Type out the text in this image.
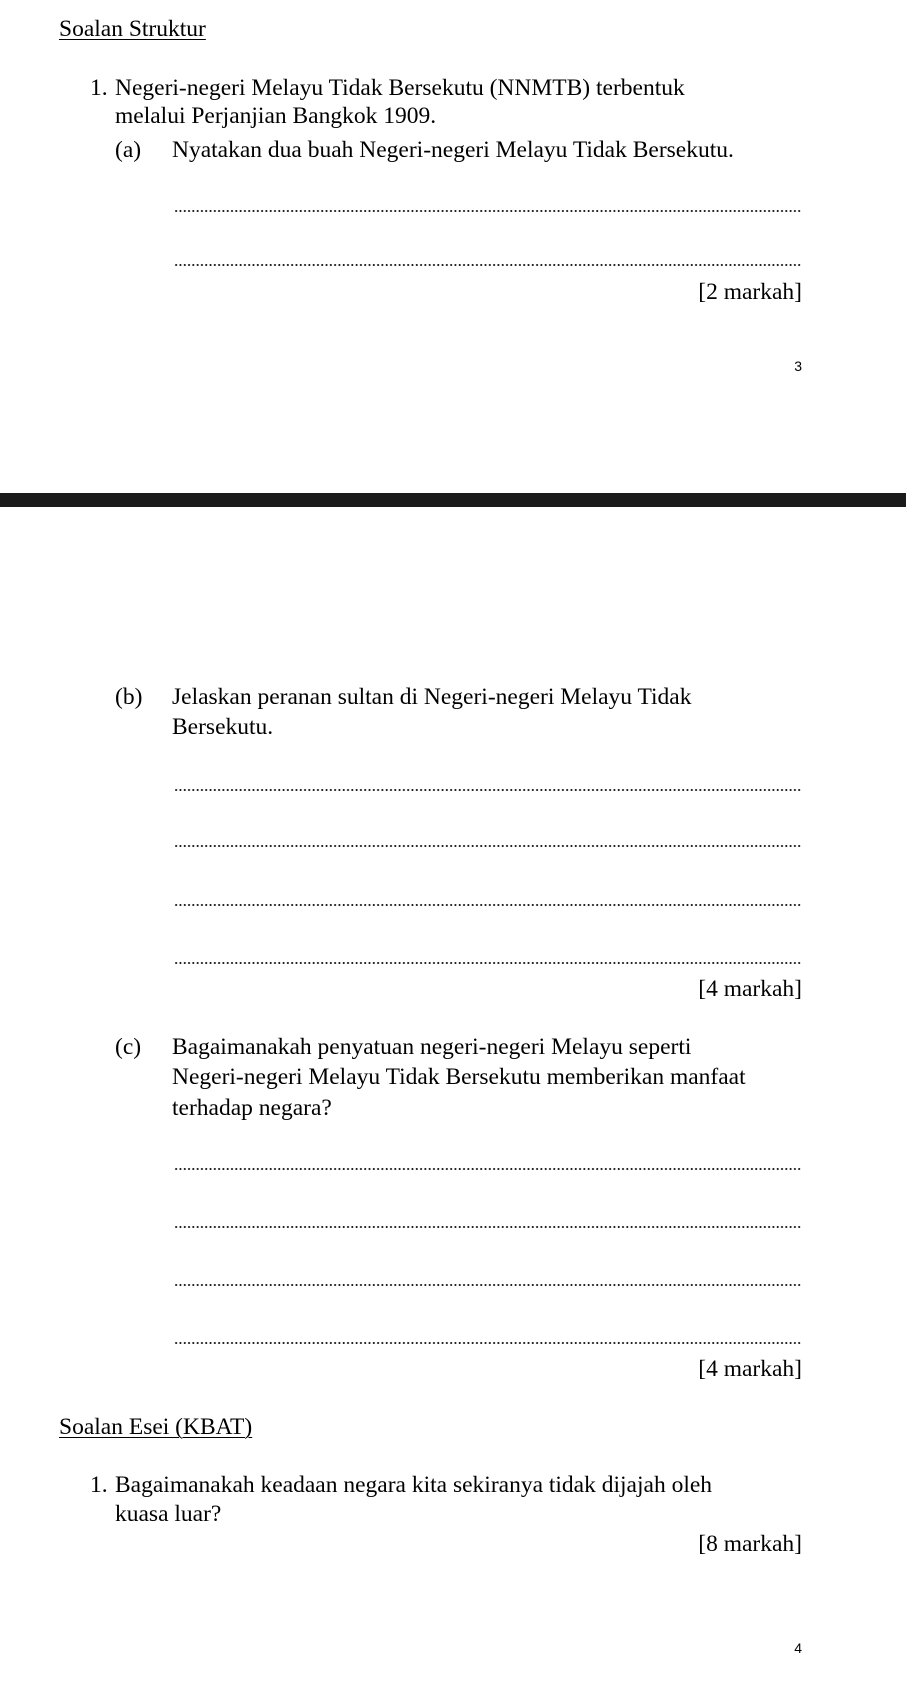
Soalan Struktur
1. Negeri-negeri Melayu Tidak Bersekutu (NNMTB) terbentuk
melalui Perjanjian Bangkok 1909.
(a) Nyatakan dua buah Negeri-negeri Melayu Tidak Bersekutu.
[2 markah]
3
(b) Jelaskan peranan sultan di Negeri-negeri Melayu Tidak
Bersekutu.
[4 markah]
(c) Bagaimanakah penyatuan negeri-negeri Melayu seperti
Negeri-negeri Melayu Tidak Bersekutu memberikan manfaat
terhadap negara?
[4 markah]
Soalan Esei (KBAT)
1. Bagaimanakah keadaan negara kita sekiranya tidak dijajah oleh
kuasa luar?
[8 markah]
4
